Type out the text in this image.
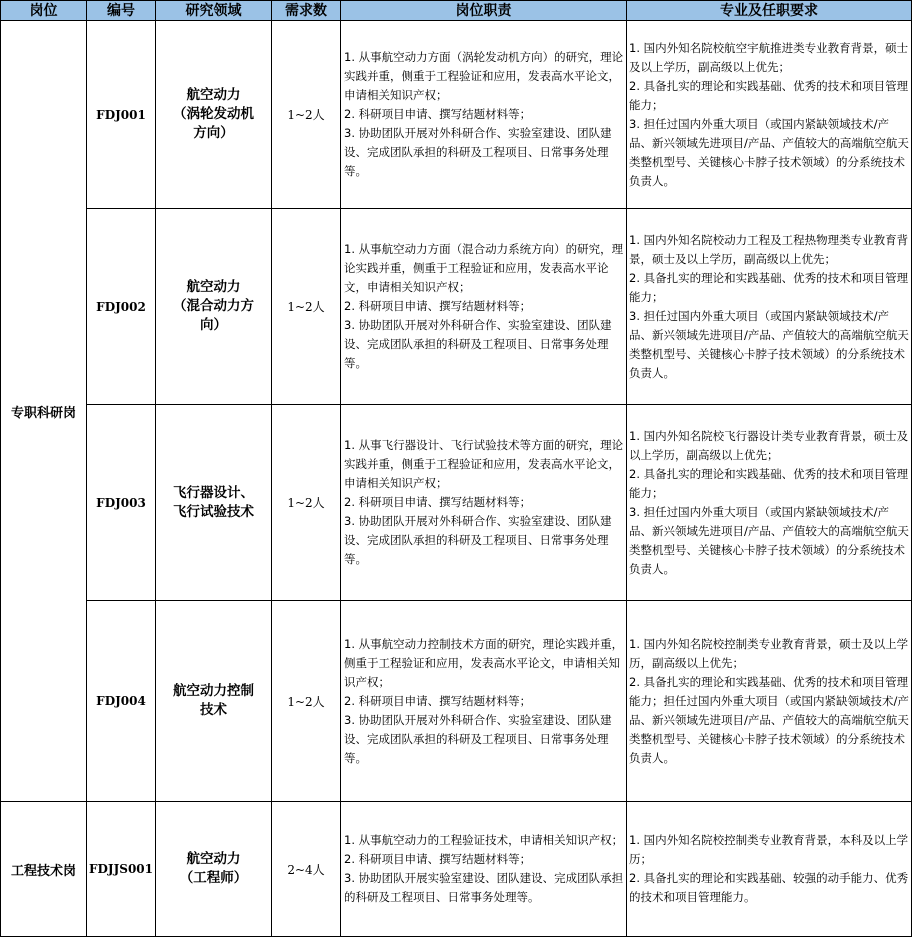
岗位	编号	研究领域	需求数	岗位职责	专业及任职要求
专职科研岗	FDJ001	航空动力
（涡轮发动机
方向）	1~2人	1. 从事航空动力方面（涡轮发动机方向）的研究，理论实践并重，侧重于工程验证和应用，发表高水平论文，申请相关知识产权；
2. 科研项目申请、撰写结题材料等；
3. 协助团队开展对外科研合作、实验室建设、团队建设、完成团队承担的科研及工程项目、日常事务处理等。	1. 国内外知名院校航空宇航推进类专业教育背景，硕士及以上学历，副高级以上优先；
2. 具备扎实的理论和实践基础、优秀的技术和项目管理能力；
3. 担任过国内外重大项目（或国内紧缺领域技术/产品、新兴领域先进项目/产品、产值较大的高端航空航天类整机型号、关键核心卡脖子技术领域）的分系统技术负责人。
	FDJ002	航空动力
（混合动力方
向）	1~2人	1. 从事航空动力方面（混合动力系统方向）的研究，理论实践并重，侧重于工程验证和应用，发表高水平论文，申请相关知识产权；
2. 科研项目申请、撰写结题材料等；
3. 协助团队开展对外科研合作、实验室建设、团队建设、完成团队承担的科研及工程项目、日常事务处理等。	1. 国内外知名院校动力工程及工程热物理类专业教育背景，硕士及以上学历，副高级以上优先；
2. 具备扎实的理论和实践基础、优秀的技术和项目管理能力；
3. 担任过国内外重大项目（或国内紧缺领域技术/产品、新兴领域先进项目/产品、产值较大的高端航空航天类整机型号、关键核心卡脖子技术领域）的分系统技术负责人。
	FDJ003	飞行器设计、
飞行试验技术	1~2人	1. 从事飞行器设计、飞行试验技术等方面的研究，理论实践并重，侧重于工程验证和应用，发表高水平论文，申请相关知识产权；
2. 科研项目申请、撰写结题材料等；
3. 协助团队开展对外科研合作、实验室建设、团队建设、完成团队承担的科研及工程项目、日常事务处理等。	1. 国内外知名院校飞行器设计类专业教育背景，硕士及以上学历，副高级以上优先；
2. 具备扎实的理论和实践基础、优秀的技术和项目管理能力；
3. 担任过国内外重大项目（或国内紧缺领域技术/产品、新兴领域先进项目/产品、产值较大的高端航空航天类整机型号、关键核心卡脖子技术领域）的分系统技术负责人。
	FDJ004	航空动力控制
技术	1~2人	1. 从事航空动力控制技术方面的研究，理论实践并重，侧重于工程验证和应用，发表高水平论文，申请相关知识产权；
2. 科研项目申请、撰写结题材料等；
3. 协助团队开展对外科研合作、实验室建设、团队建设、完成团队承担的科研及工程项目、日常事务处理等。	1. 国内外知名院校控制类专业教育背景，硕士及以上学历，副高级以上优先；
2. 具备扎实的理论和实践基础、优秀的技术和项目管理能力；担任过国内外重大项目（或国内紧缺领域技术/产品、新兴领域先进项目/产品、产值较大的高端航空航天类整机型号、关键核心卡脖子技术领域）的分系统技术负责人。
工程技术岗	FDJJS001	航空动力
（工程师）	2~4人	1. 从事航空动力的工程验证技术，申请相关知识产权；
2. 科研项目申请、撰写结题材料等；
3. 协助团队开展实验室建设、团队建设、完成团队承担的科研及工程项目、日常事务处理等。	1. 国内外知名院校控制类专业教育背景，本科及以上学历；
2. 具备扎实的理论和实践基础、较强的动手能力、优秀的技术和项目管理能力。
